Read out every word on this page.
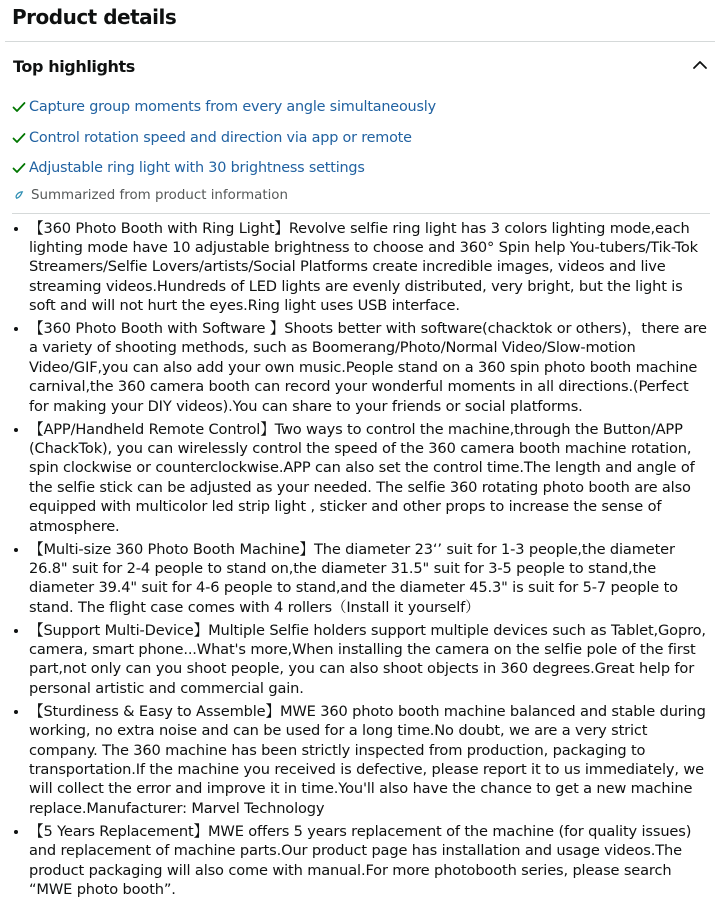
Product details
Top highlights
Capture group moments from every angle simultaneously
Control rotation speed and direction via app or remote
Adjustable ring light with 30 brightness settings
Summarized from product information
• 【360 Photo Booth with Ring Light】Revolve selfie ring light has 3 colors lighting mode,each lighting mode have 10 adjustable brightness to choose and 360° Spin help You-tubers/Tik-Tok Streamers/Selfie Lovers/artists/Social Platforms create incredible images, videos and live streaming videos.Hundreds of LED lights are evenly distributed, very bright, but the light is soft and will not hurt the eyes.Ring light uses USB interface.
• 【360 Photo Booth with Software 】Shoots better with software(chacktok or others)，there are a variety of shooting methods, such as Boomerang/Photo/Normal Video/Slow-motion Video/GIF,you can also add your own music.People stand on a 360 spin photo booth machine carnival,the 360 camera booth can record your wonderful moments in all directions.(Perfect for making your DIY videos).You can share to your friends or social platforms.
• 【APP/Handheld Remote Control】Two ways to control the machine,through the Button/APP (ChackTok), you can wirelessly control the speed of the 360 camera booth machine rotation, spin clockwise or counterclockwise.APP can also set the control time.The length and angle of the selfie stick can be adjusted as your needed. The selfie 360 rotating photo booth are also equipped with multicolor led strip light , sticker and other props to increase the sense of atmosphere.
• 【Multi-size 360 Photo Booth Machine】The diameter 23‘’ suit for 1-3 people,the diameter 26.8" suit for 2-4 people to stand on,the diameter 31.5" suit for 3-5 people to stand,the diameter 39.4" suit for 4-6 people to stand,and the diameter 45.3" is suit for 5-7 people to stand. The flight case comes with 4 rollers（Install it yourself）
• 【Support Multi-Device】Multiple Selfie holders support multiple devices such as Tablet,Gopro, camera, smart phone...What's more,When installing the camera on the selfie pole of the first part,not only can you shoot people, you can also shoot objects in 360 degrees.Great help for personal artistic and commercial gain.
• 【Sturdiness & Easy to Assemble】MWE 360 photo booth machine balanced and stable during working, no extra noise and can be used for a long time.No doubt, we are a very strict company. The 360 machine has been strictly inspected from production, packaging to transportation.If the machine you received is defective, please report it to us immediately, we will collect the error and improve it in time.You'll also have the chance to get a new machine replace.Manufacturer: Marvel Technology
• 【5 Years Replacement】MWE offers 5 years replacement of the machine (for quality issues) and replacement of machine parts.Our product page has installation and usage videos.The product packaging will also come with manual.For more photobooth series, please search “MWE photo booth”.
